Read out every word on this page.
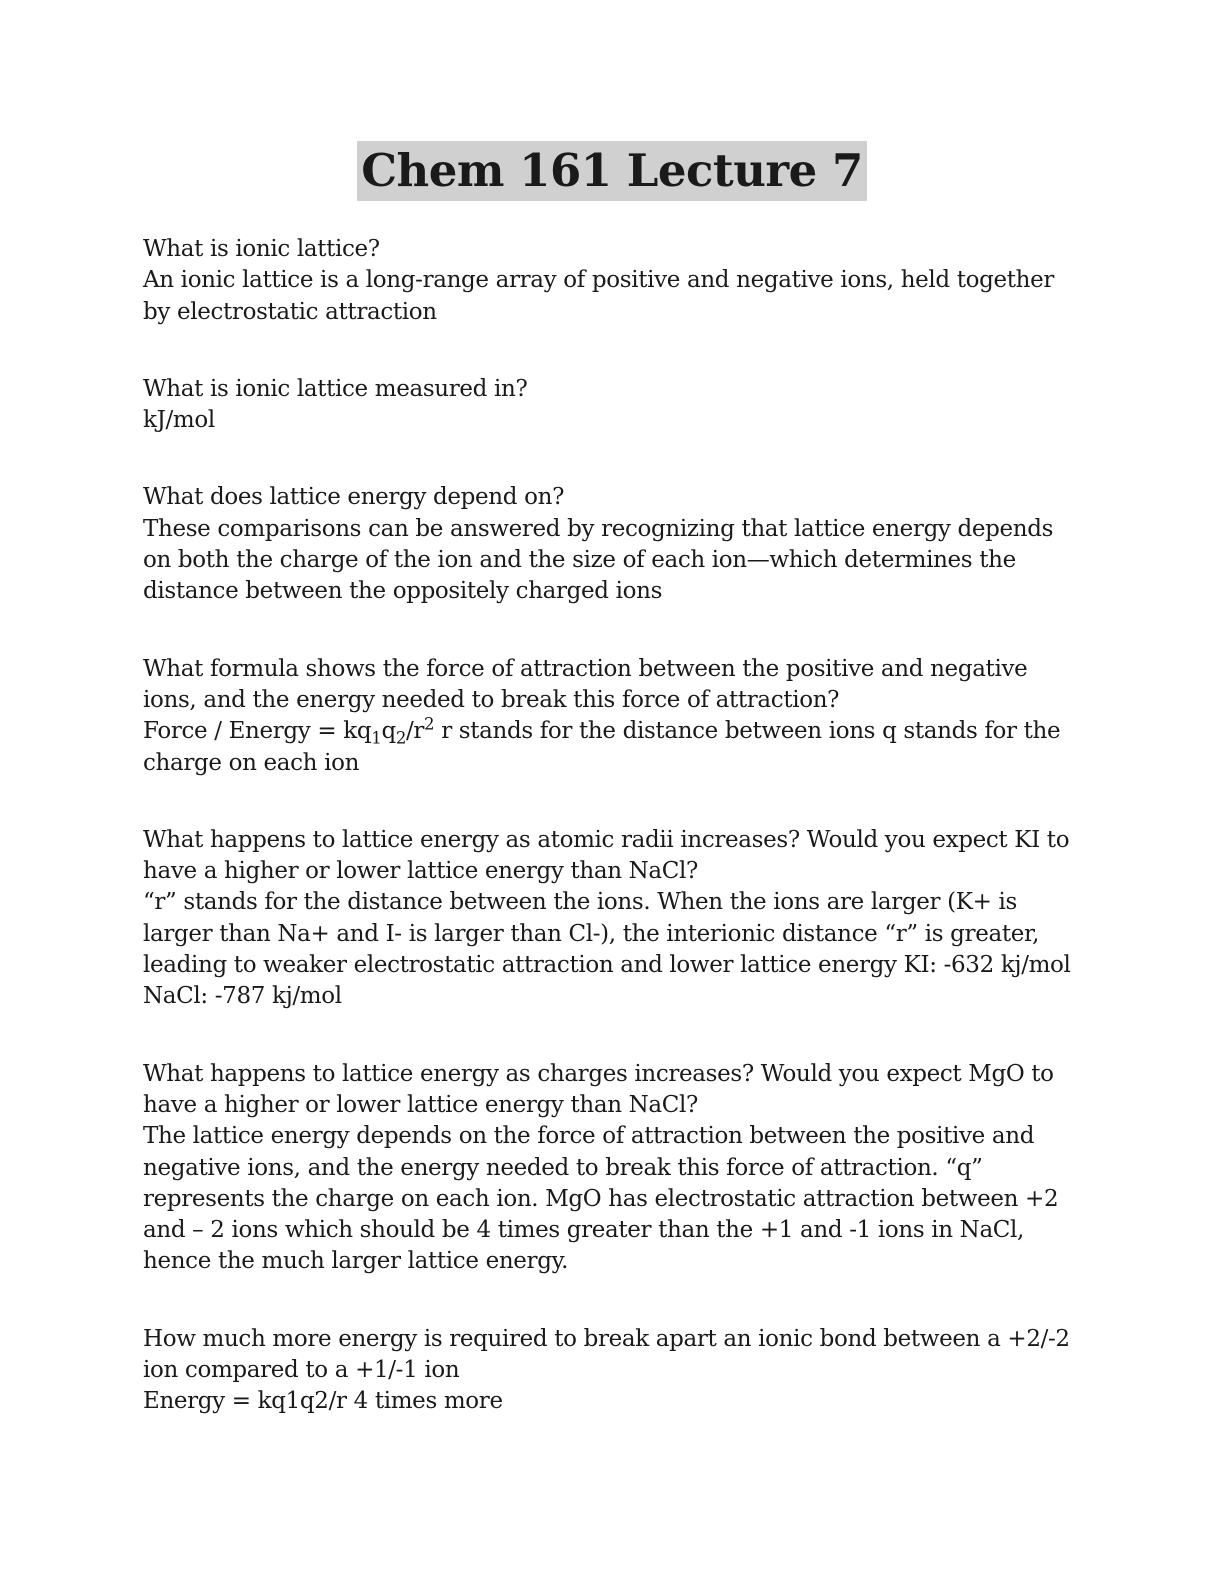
Chem 161 Lecture 7

What is ionic lattice?

An ionic lattice is a long-range array of positive and negative ions, held together by electrostatic attraction

What is ionic lattice measured in?

kJ/mol

What does lattice energy depend on?

These comparisons can be answered by recognizing that lattice energy depends on both the charge of the ion and the size of each ion—which determines the distance between the oppositely charged ions

What formula shows the force of attraction between the positive and negative ions, and the energy needed to break this force of attraction?

Force / Energy = $kq_1q_2/r^2$ r stands for the distance between ions q stands for the charge on each ion

What happens to lattice energy as atomic radii increases? Would you expect KI to have a higher or lower lattice energy than NaCl?

“r” stands for the distance between the ions. When the ions are larger (K+ is larger than Na+ and I- is larger than Cl-), the interionic distance “r” is greater, leading to weaker electrostatic attraction and lower lattice energy KI: -632 kj/mol NaCl: -787 kj/mol

What happens to lattice energy as charges increases? Would you expect MgO to have a higher or lower lattice energy than NaCl?

The lattice energy depends on the force of attraction between the positive and negative ions, and the energy needed to break this force of attraction. “q” represents the charge on each ion. MgO has electrostatic attraction between +2 and – 2 ions which should be 4 times greater than the +1 and -1 ions in NaCl, hence the much larger lattice energy.

How much more energy is required to break apart an ionic bond between a +2/-2 ion compared to a +1/-1 ion

Energy = kq1q2/r 4 times more
